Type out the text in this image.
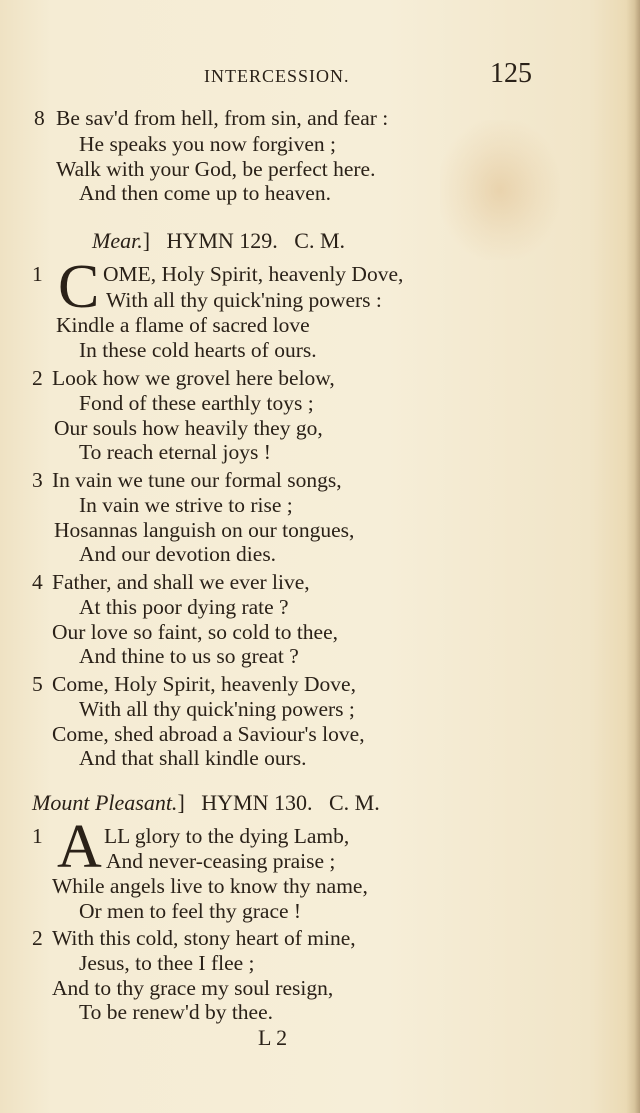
INTERCESSION.	125
8 Be sav'd from hell, from sin, and fear :
He speaks you now forgiven ;
Walk with your God, be perfect here.
And then come up to heaven.
Mear.] HYMN 129. C. M.
1 C OME, Holy Spirit, heavenly Dove,
With all thy quick'ning powers :
Kindle a flame of sacred love
In these cold hearts of ours.
2 Look how we grovel here below,
Fond of these earthly toys ;
Our souls how heavily they go,
To reach eternal joys !
3 In vain we tune our formal songs,
In vain we strive to rise ;
Hosannas languish on our tongues,
And our devotion dies.
4 Father, and shall we ever live,
At this poor dying rate ?
Our love so faint, so cold to thee,
And thine to us so great ?
5 Come, Holy Spirit, heavenly Dove,
With all thy quick'ning powers ;
Come, shed abroad a Saviour's love,
And that shall kindle ours.
Mount Pleasant.] HYMN 130. C. M.
1 A LL glory to the dying Lamb,
And never-ceasing praise ;
While angels live to know thy name,
Or men to feel thy grace !
2 With this cold, stony heart of mine,
Jesus, to thee I flee ;
And to thy grace my soul resign,
To be renew'd by thee.
L 2
